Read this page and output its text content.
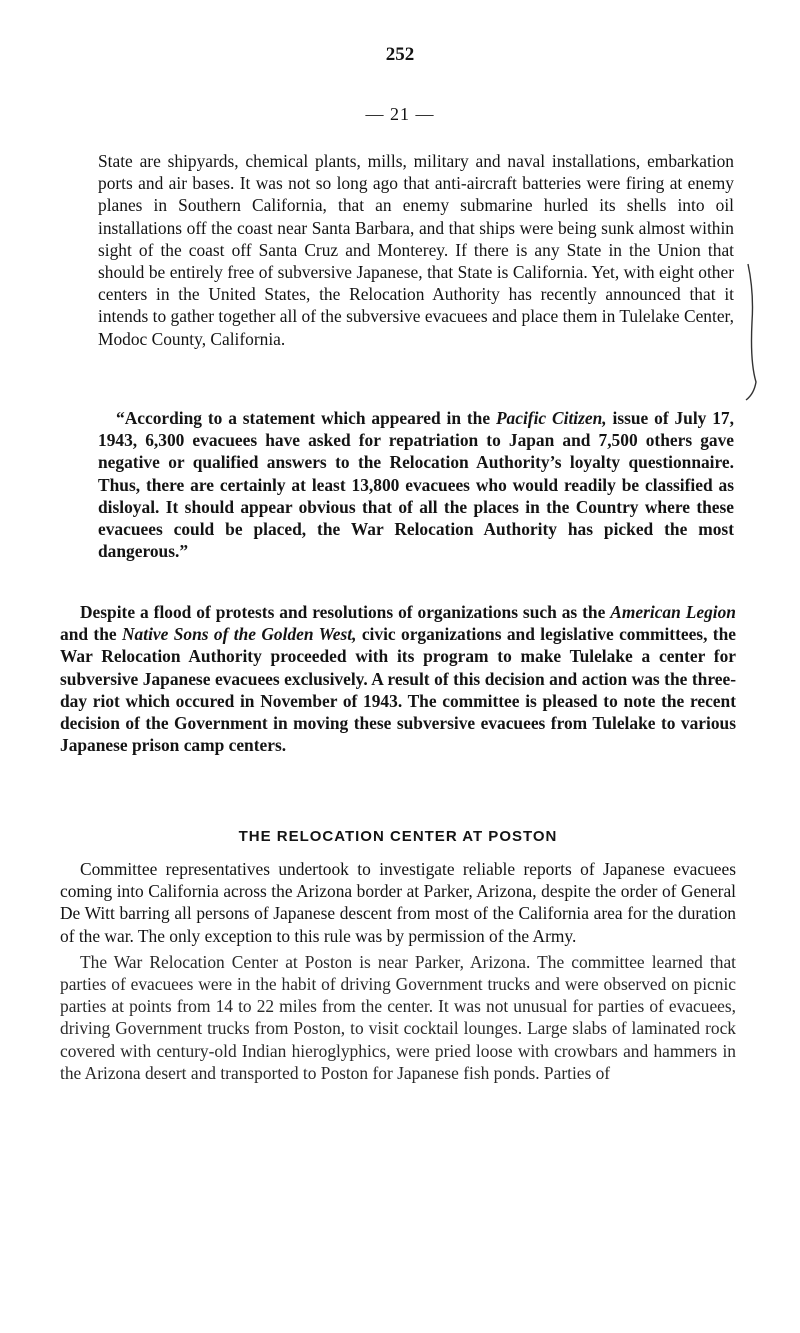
252
— 21 —

State are shipyards, chemical plants, mills, military and naval installations, embarkation ports and air bases. It was not so long ago that anti-aircraft batteries were firing at enemy planes in Southern California, that an enemy submarine hurled its shells into oil installations off the coast near Santa Barbara, and that ships were being sunk almost within sight of the coast off Santa Cruz and Monterey. If there is any State in the Union that should be entirely free of subversive Japanese, that State is California. Yet, with eight other centers in the United States, the Relocation Authority has recently announced that it intends to gather together all of the subversive evacuees and place them in Tulelake Center, Modoc County, California.

“According to a statement which appeared in the Pacific Citizen, issue of July 17, 1943, 6,300 evacuees have asked for repatriation to Japan and 7,500 others gave negative or qualified answers to the Relocation Authority’s loyalty questionnaire. Thus, there are certainly at least 13,800 evacuees who would readily be classified as disloyal. It should appear obvious that of all the places in the Country where these evacuees could be placed, the War Relocation Authority has picked the most dangerous.”

Despite a flood of protests and resolutions of organizations such as the American Legion and the Native Sons of the Golden West, civic organizations and legislative committees, the War Relocation Authority proceeded with its program to make Tulelake a center for subversive Japanese evacuees exclusively. A result of this decision and action was the three-day riot which occured in November of 1943. The committee is pleased to note the recent decision of the Government in moving these subversive evacuees from Tulelake to various Japanese prison camp centers.

THE RELOCATION CENTER AT POSTON

Committee representatives undertook to investigate reliable reports of Japanese evacuees coming into California across the Arizona border at Parker, Arizona, despite the order of General De Witt barring all persons of Japanese descent from most of the California area for the duration of the war. The only exception to this rule was by permission of the Army.

The War Relocation Center at Poston is near Parker, Arizona. The committee learned that parties of evacuees were in the habit of driving Government trucks and were observed on picnic parties at points from 14 to 22 miles from the center. It was not unusual for parties of evacuees, driving Government trucks from Poston, to visit cocktail lounges. Large slabs of laminated rock covered with century-old Indian hieroglyphics, were pried loose with crowbars and hammers in the Arizona desert and transported to Poston for Japanese fish ponds. Parties of
